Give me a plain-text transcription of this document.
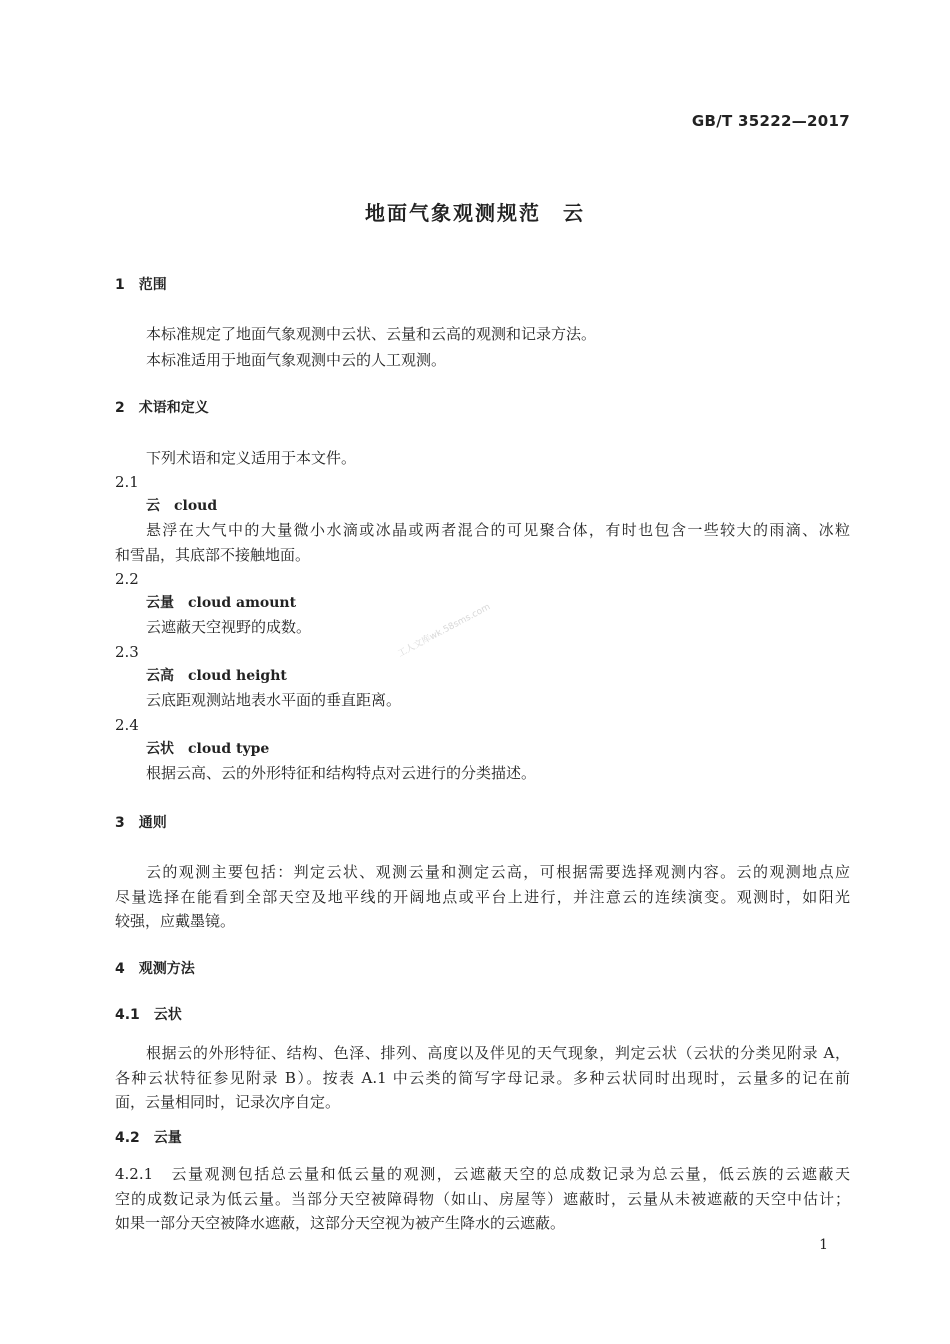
GB/T 35222—2017
地面气象观测规范　云
1　范围
本标准规定了地面气象观测中云状、云量和云高的观测和记录方法。
本标准适用于地面气象观测中云的人工观测。
2　术语和定义
下列术语和定义适用于本文件。
2.1
云　cloud
悬浮在大气中的大量微小水滴或冰晶或两者混合的可见聚合体，有时也包含一些较大的雨滴、冰粒
和雪晶，其底部不接触地面。
2.2
云量　cloud amount
云遮蔽天空视野的成数。
2.3
云高　cloud height
云底距观测站地表水平面的垂直距离。
2.4
云状　cloud type
根据云高、云的外形特征和结构特点对云进行的分类描述。
3　通则
云的观测主要包括：判定云状、观测云量和测定云高，可根据需要选择观测内容。云的观测地点应
尽量选择在能看到全部天空及地平线的开阔地点或平台上进行，并注意云的连续演变。观测时，如阳光
较强，应戴墨镜。
4　观测方法
4.1　云状
根据云的外形特征、结构、色泽、排列、高度以及伴见的天气现象，判定云状（云状的分类见附录 A，
各种云状特征参见附录 B）。按表 A.1 中云类的简写字母记录。多种云状同时出现时，云量多的记在前
面，云量相同时，记录次序自定。
4.2　云量
4.2.1　云量观测包括总云量和低云量的观测，云遮蔽天空的总成数记录为总云量，低云族的云遮蔽天
空的成数记录为低云量。当部分天空被障碍物（如山、房屋等）遮蔽时，云量从未被遮蔽的天空中估计；
如果一部分天空被降水遮蔽，这部分天空视为被产生降水的云遮蔽。
1
工人文库wk.58sms.com
